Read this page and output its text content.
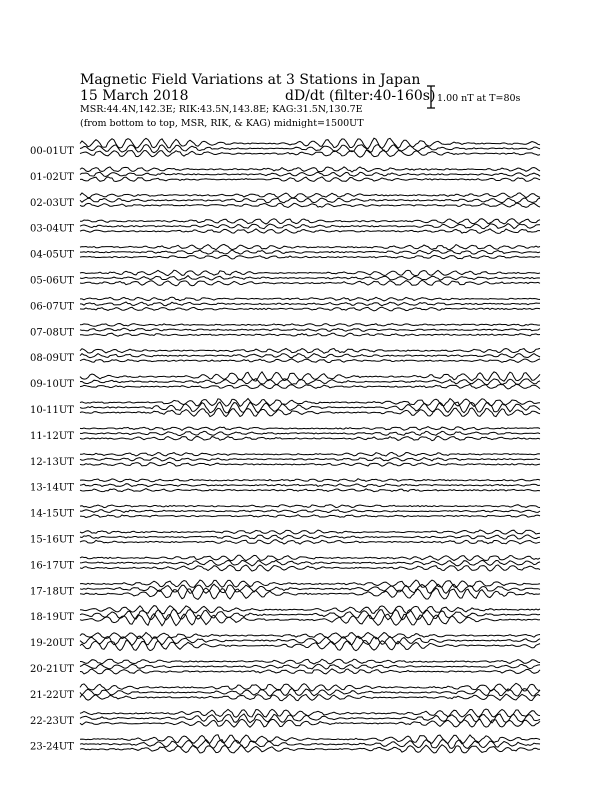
Magnetic Field Variations at 3 Stations in Japan
15 March 2018	dD/dt (filter:40-160s)
MSR:44.4N,142.3E; RIK:43.5N,143.8E; KAG:31.5N,130.7E
(from bottom to top, MSR, RIK, & KAG) midnight=1500UT
1.00 nT at T=80s
00-01UT
01-02UT
02-03UT
03-04UT
04-05UT
05-06UT
06-07UT
07-08UT
08-09UT
09-10UT
10-11UT
11-12UT
12-13UT
13-14UT
14-15UT
15-16UT
16-17UT
17-18UT
18-19UT
19-20UT
20-21UT
21-22UT
22-23UT
23-24UT
